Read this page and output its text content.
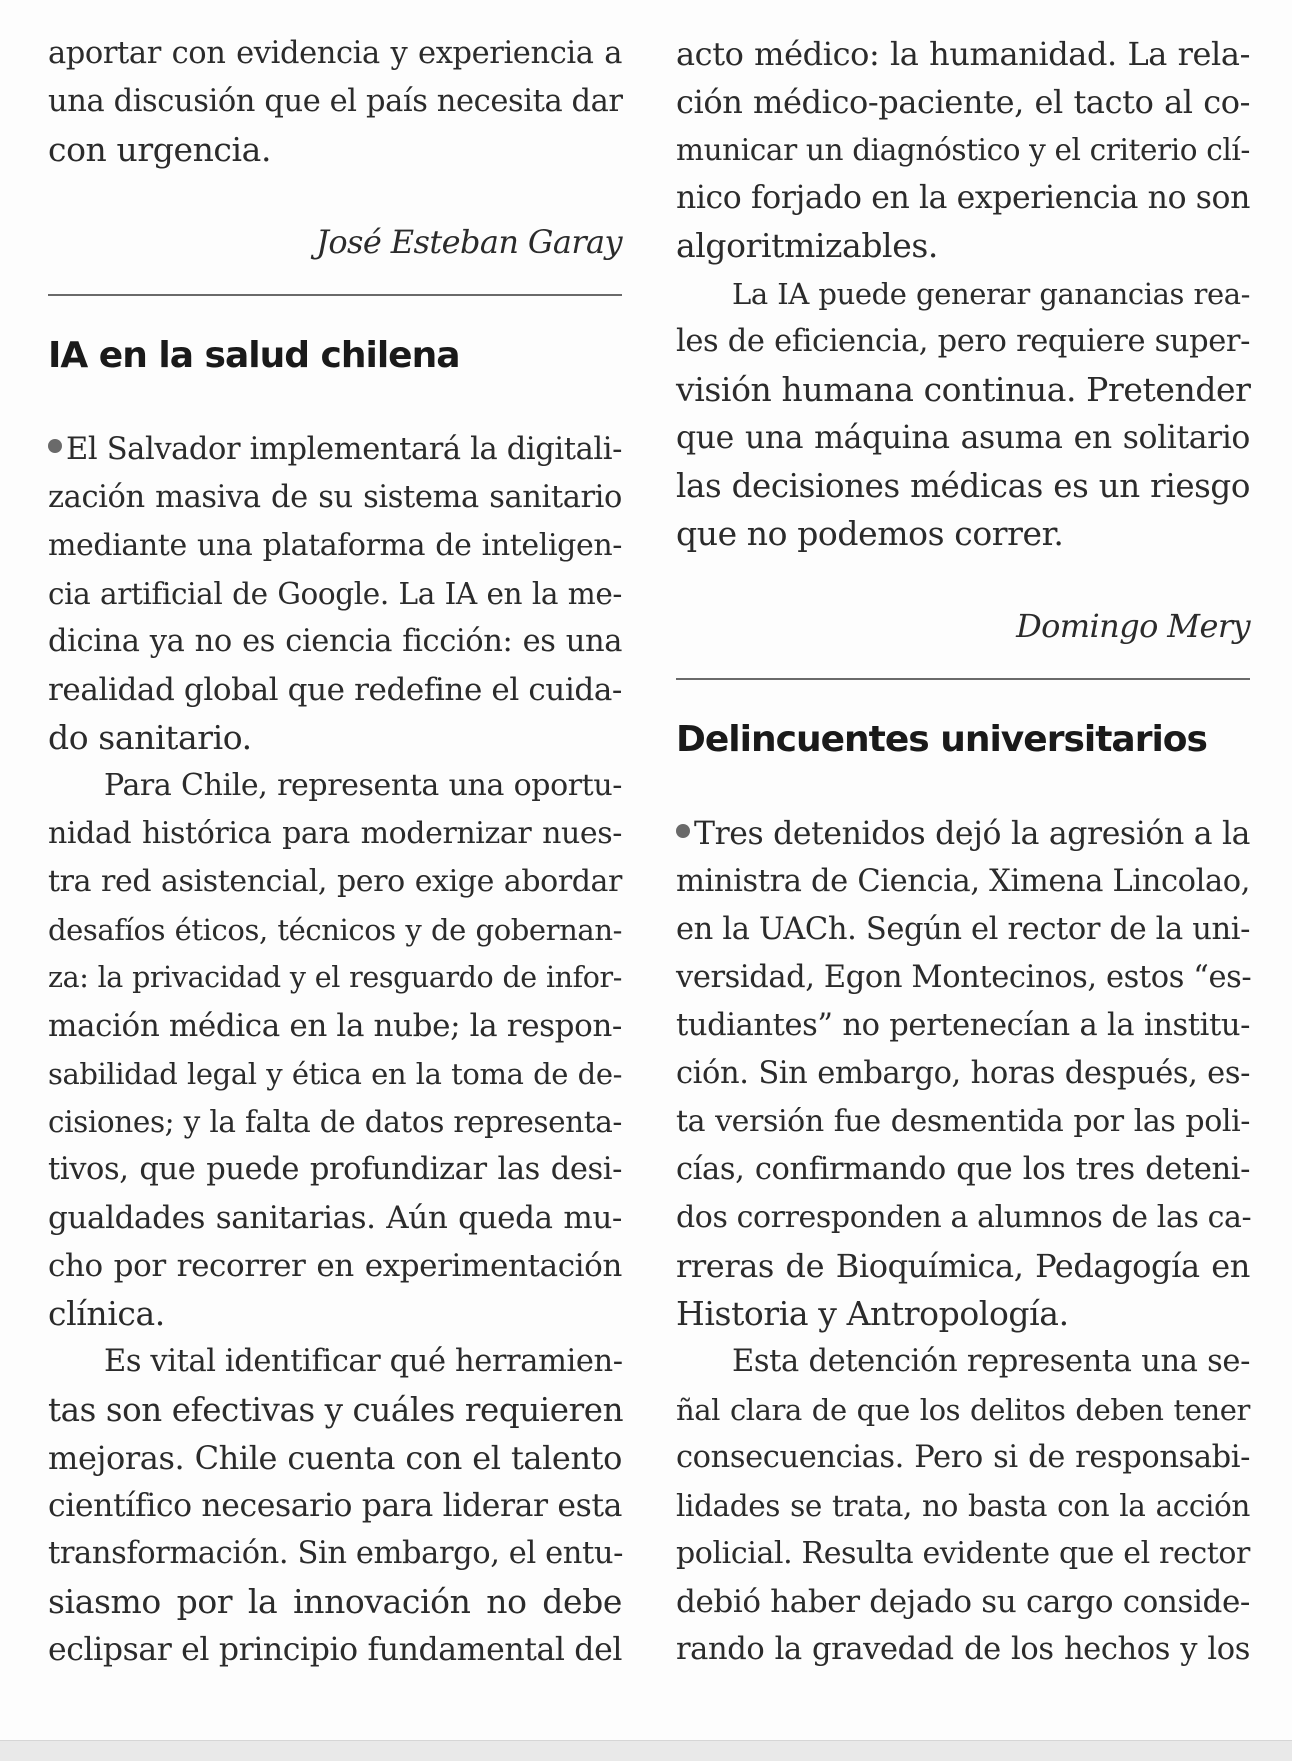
aportar con evidencia y experiencia a
una discusión que el país necesita dar
con urgencia.
José Esteban Garay
IA en la salud chilena
El Salvador implementará la digitali-
zación masiva de su sistema sanitario
mediante una plataforma de inteligen-
cia artificial de Google. La IA en la me-
dicina ya no es ciencia ficción: es una
realidad global que redefine el cuida-
do sanitario.
Para Chile, representa una oportu-
nidad histórica para modernizar nues-
tra red asistencial, pero exige abordar
desafíos éticos, técnicos y de gobernan-
za: la privacidad y el resguardo de infor-
mación médica en la nube; la respon-
sabilidad legal y ética en la toma de de-
cisiones; y la falta de datos representa-
tivos, que puede profundizar las desi-
gualdades sanitarias. Aún queda mu-
cho por recorrer en experimentación
clínica.
Es vital identificar qué herramien-
tas son efectivas y cuáles requieren
mejoras. Chile cuenta con el talento
científico necesario para liderar esta
transformación. Sin embargo, el entu-
siasmo por la innovación no debe
eclipsar el principio fundamental del
acto médico: la humanidad. La rela-
ción médico-paciente, el tacto al co-
municar un diagnóstico y el criterio clí-
nico forjado en la experiencia no son
algoritmizables.
La IA puede generar ganancias rea-
les de eficiencia, pero requiere super-
visión humana continua. Pretender
que una máquina asuma en solitario
las decisiones médicas es un riesgo
que no podemos correr.
Domingo Mery
Delincuentes universitarios
Tres detenidos dejó la agresión a la
ministra de Ciencia, Ximena Lincolao,
en la UACh. Según el rector de la uni-
versidad, Egon Montecinos, estos “es-
tudiantes” no pertenecían a la institu-
ción. Sin embargo, horas después, es-
ta versión fue desmentida por las poli-
cías, confirmando que los tres deteni-
dos corresponden a alumnos de las ca-
rreras de Bioquímica, Pedagogía en
Historia y Antropología.
Esta detención representa una se-
ñal clara de que los delitos deben tener
consecuencias. Pero si de responsabi-
lidades se trata, no basta con la acción
policial. Resulta evidente que el rector
debió haber dejado su cargo conside-
rando la gravedad de los hechos y los
